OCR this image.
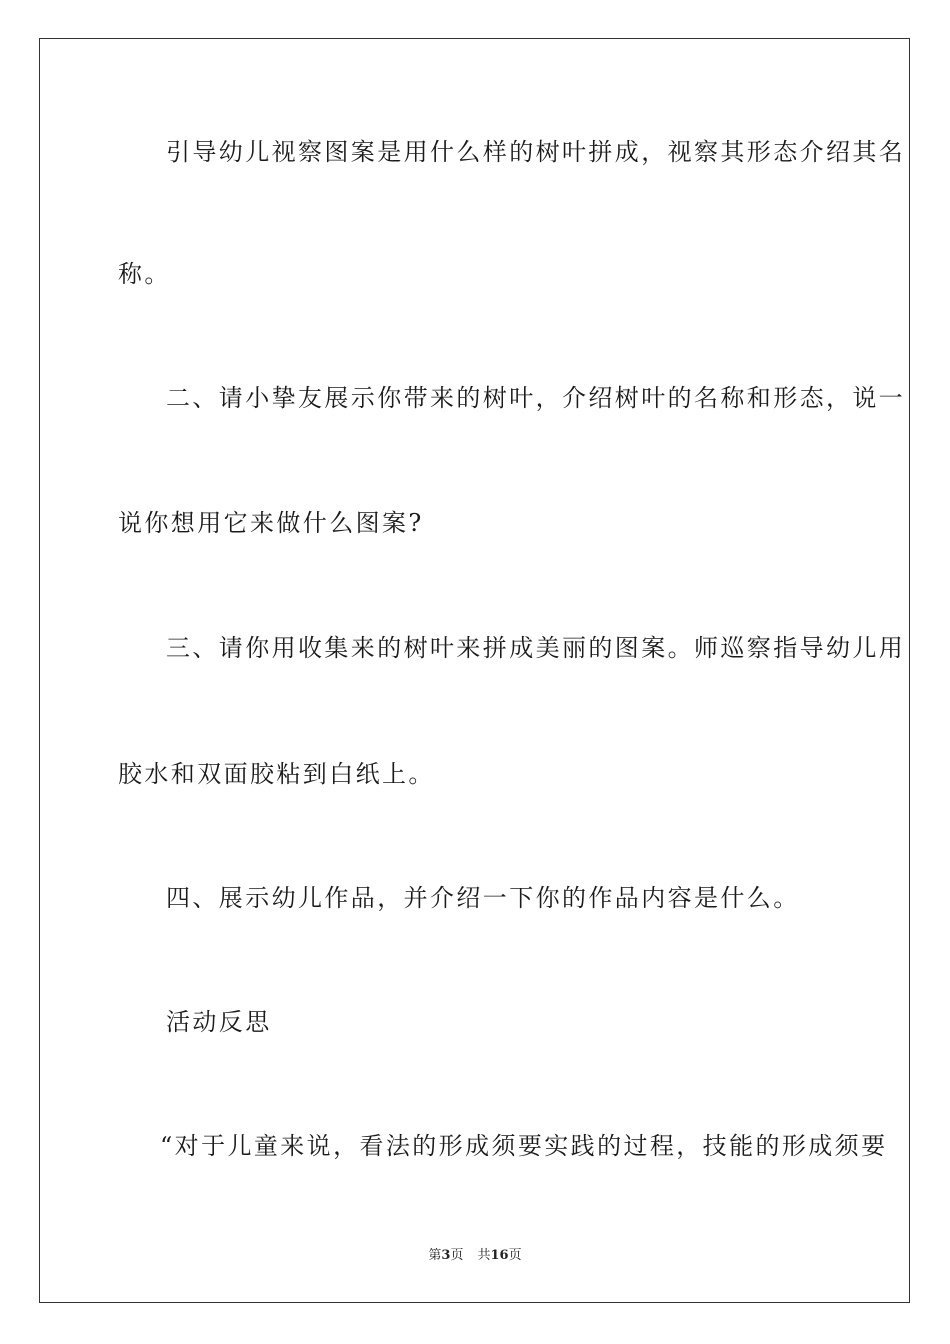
引导幼儿视察图案是用什么样的树叶拼成，视察其形态介绍其名
称。
二、请小挚友展示你带来的树叶，介绍树叶的名称和形态，说一
说你想用它来做什么图案?
三、请你用收集来的树叶来拼成美丽的图案。师巡察指导幼儿用
胶水和双面胶粘到白纸上。
四、展示幼儿作品，并介绍一下你的作品内容是什么。
活动反思
“对于儿童来说，看法的形成须要实践的过程，技能的形成须要
第3页 共16页
